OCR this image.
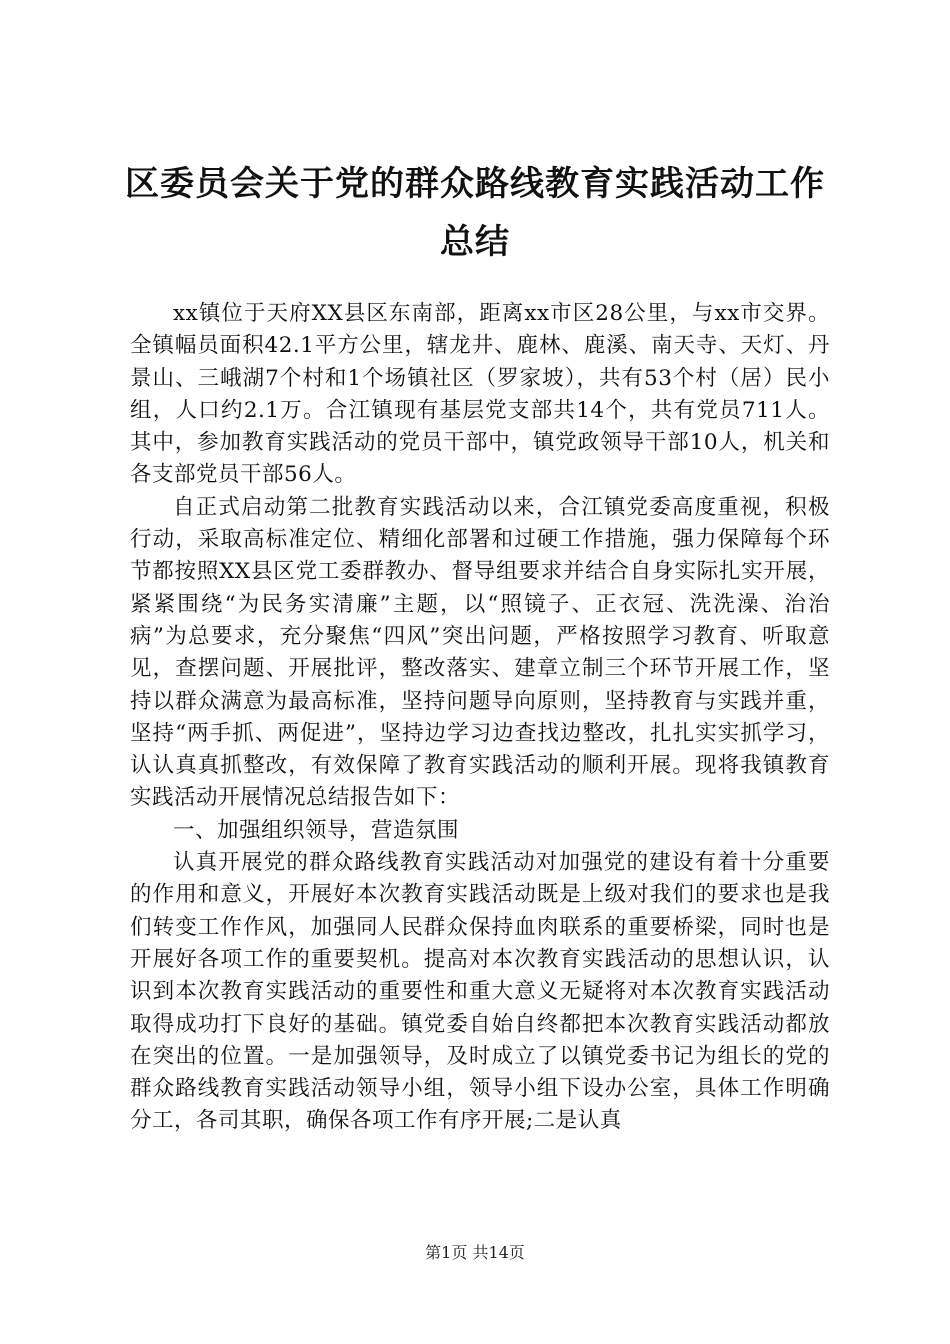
区委员会关于党的群众路线教育实践活动工作总结

xx镇位于天府XX县区东南部，距离xx市区28公里，与xx市交界。全镇幅员面积42.1平方公里，辖龙井、鹿林、鹿溪、南天寺、天灯、丹景山、三峨湖7个村和1个场镇社区（罗家坡），共有53个村（居）民小组，人口约2.1万。合江镇现有基层党支部共14个，共有党员711人。其中，参加教育实践活动的党员干部中，镇党政领导干部10人，机关和各支部党员干部56人。

自正式启动第二批教育实践活动以来，合江镇党委高度重视，积极行动，采取高标准定位、精细化部署和过硬工作措施，强力保障每个环节都按照XX县区党工委群教办、督导组要求并结合自身实际扎实开展，紧紧围绕“为民务实清廉”主题，以“照镜子、正衣冠、洗洗澡、治治病”为总要求，充分聚焦“四风”突出问题，严格按照学习教育、听取意见，查摆问题、开展批评，整改落实、建章立制三个环节开展工作，坚持以群众满意为最高标准，坚持问题导向原则，坚持教育与实践并重，坚持“两手抓、两促进”，坚持边学习边查找边整改，扎扎实实抓学习，认认真真抓整改，有效保障了教育实践活动的顺利开展。现将我镇教育实践活动开展情况总结报告如下：

一、加强组织领导，营造氛围

认真开展党的群众路线教育实践活动对加强党的建设有着十分重要的作用和意义，开展好本次教育实践活动既是上级对我们的要求也是我们转变工作作风，加强同人民群众保持血肉联系的重要桥梁，同时也是开展好各项工作的重要契机。提高对本次教育实践活动的思想认识，认识到本次教育实践活动的重要性和重大意义无疑将对本次教育实践活动取得成功打下良好的基础。镇党委自始自终都把本次教育实践活动都放在突出的位置。一是加强领导，及时成立了以镇党委书记为组长的党的群众路线教育实践活动领导小组，领导小组下设办公室，具体工作明确分工，各司其职，确保各项工作有序开展;二是认真

第1页 共14页
